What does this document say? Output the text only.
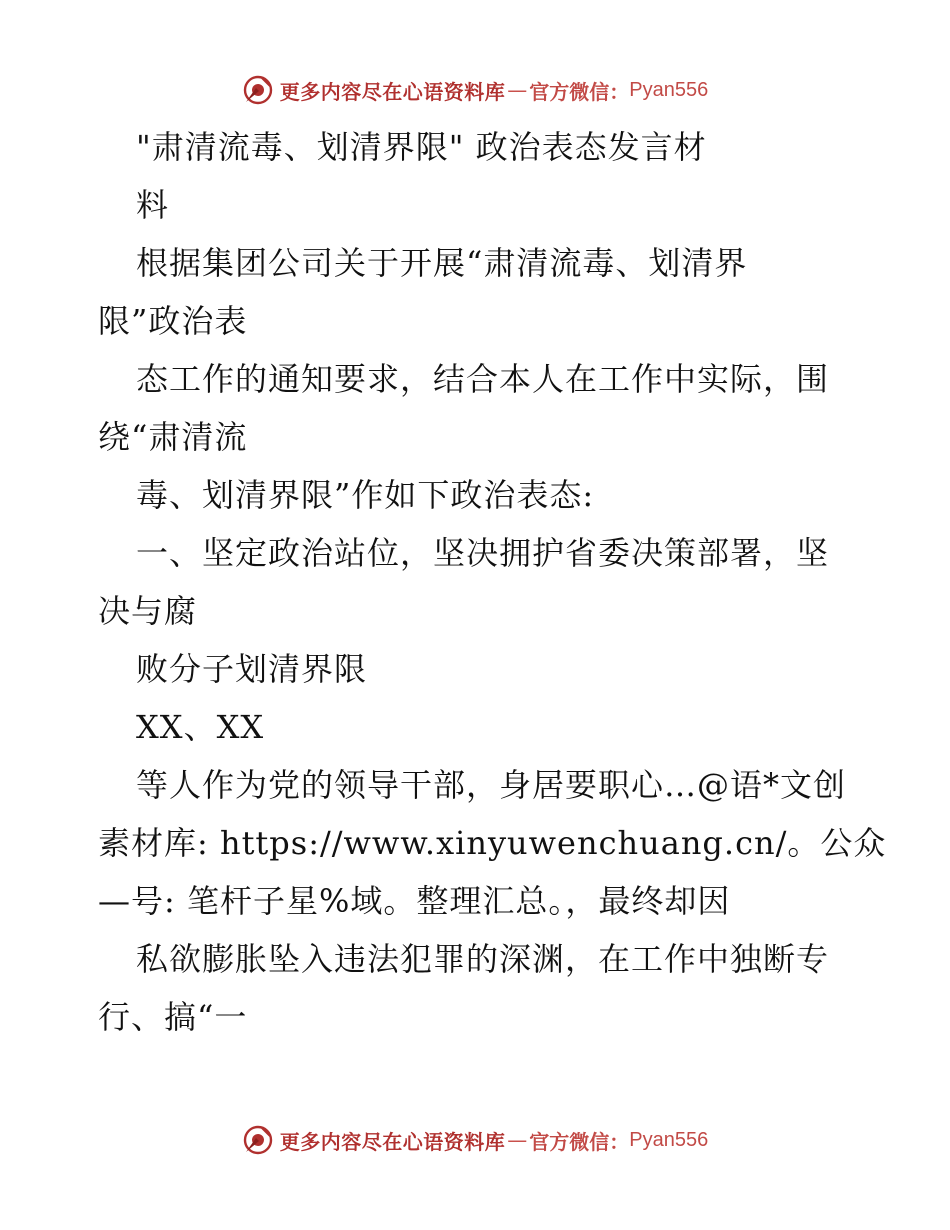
更多内容尽在心语资料库 — 官方微信： Pyan556
"肃清流毒、划清界限" 政治表态发言材
料
根据集团公司关于开展“肃清流毒、划清界
限”政治表
态工作的通知要求，结合本人在工作中实际，围
绕“肃清流
毒、划清界限”作如下政治表态:
一、坚定政治站位，坚决拥护省委决策部署，坚
决与腐
败分子划清界限
XX、XX
等人作为党的领导干部，身居要职心…@语*文创
素材库: https://www.xinyuwenchuang.cn/。公众
—号: 笔杆子星%域。整理汇总。，最终却因
私欲膨胀坠入违法犯罪的深渊，在工作中独断专
行、搞“一
更多内容尽在心语资料库 — 官方微信： Pyan556
